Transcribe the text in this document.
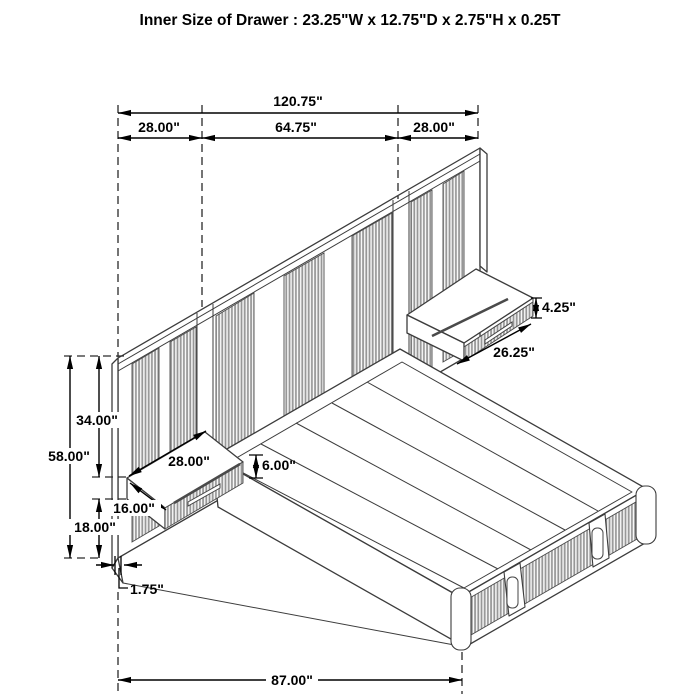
Inner Size of Drawer : 23.25"W x 12.75"D x 2.75"H x 0.25T
120.75"
28.00"	64.75"	28.00"
58.00"
34.00"
18.00"
16.00"
1.75"
87.00"
28.00"	6.00"
4.25"
26.25"
